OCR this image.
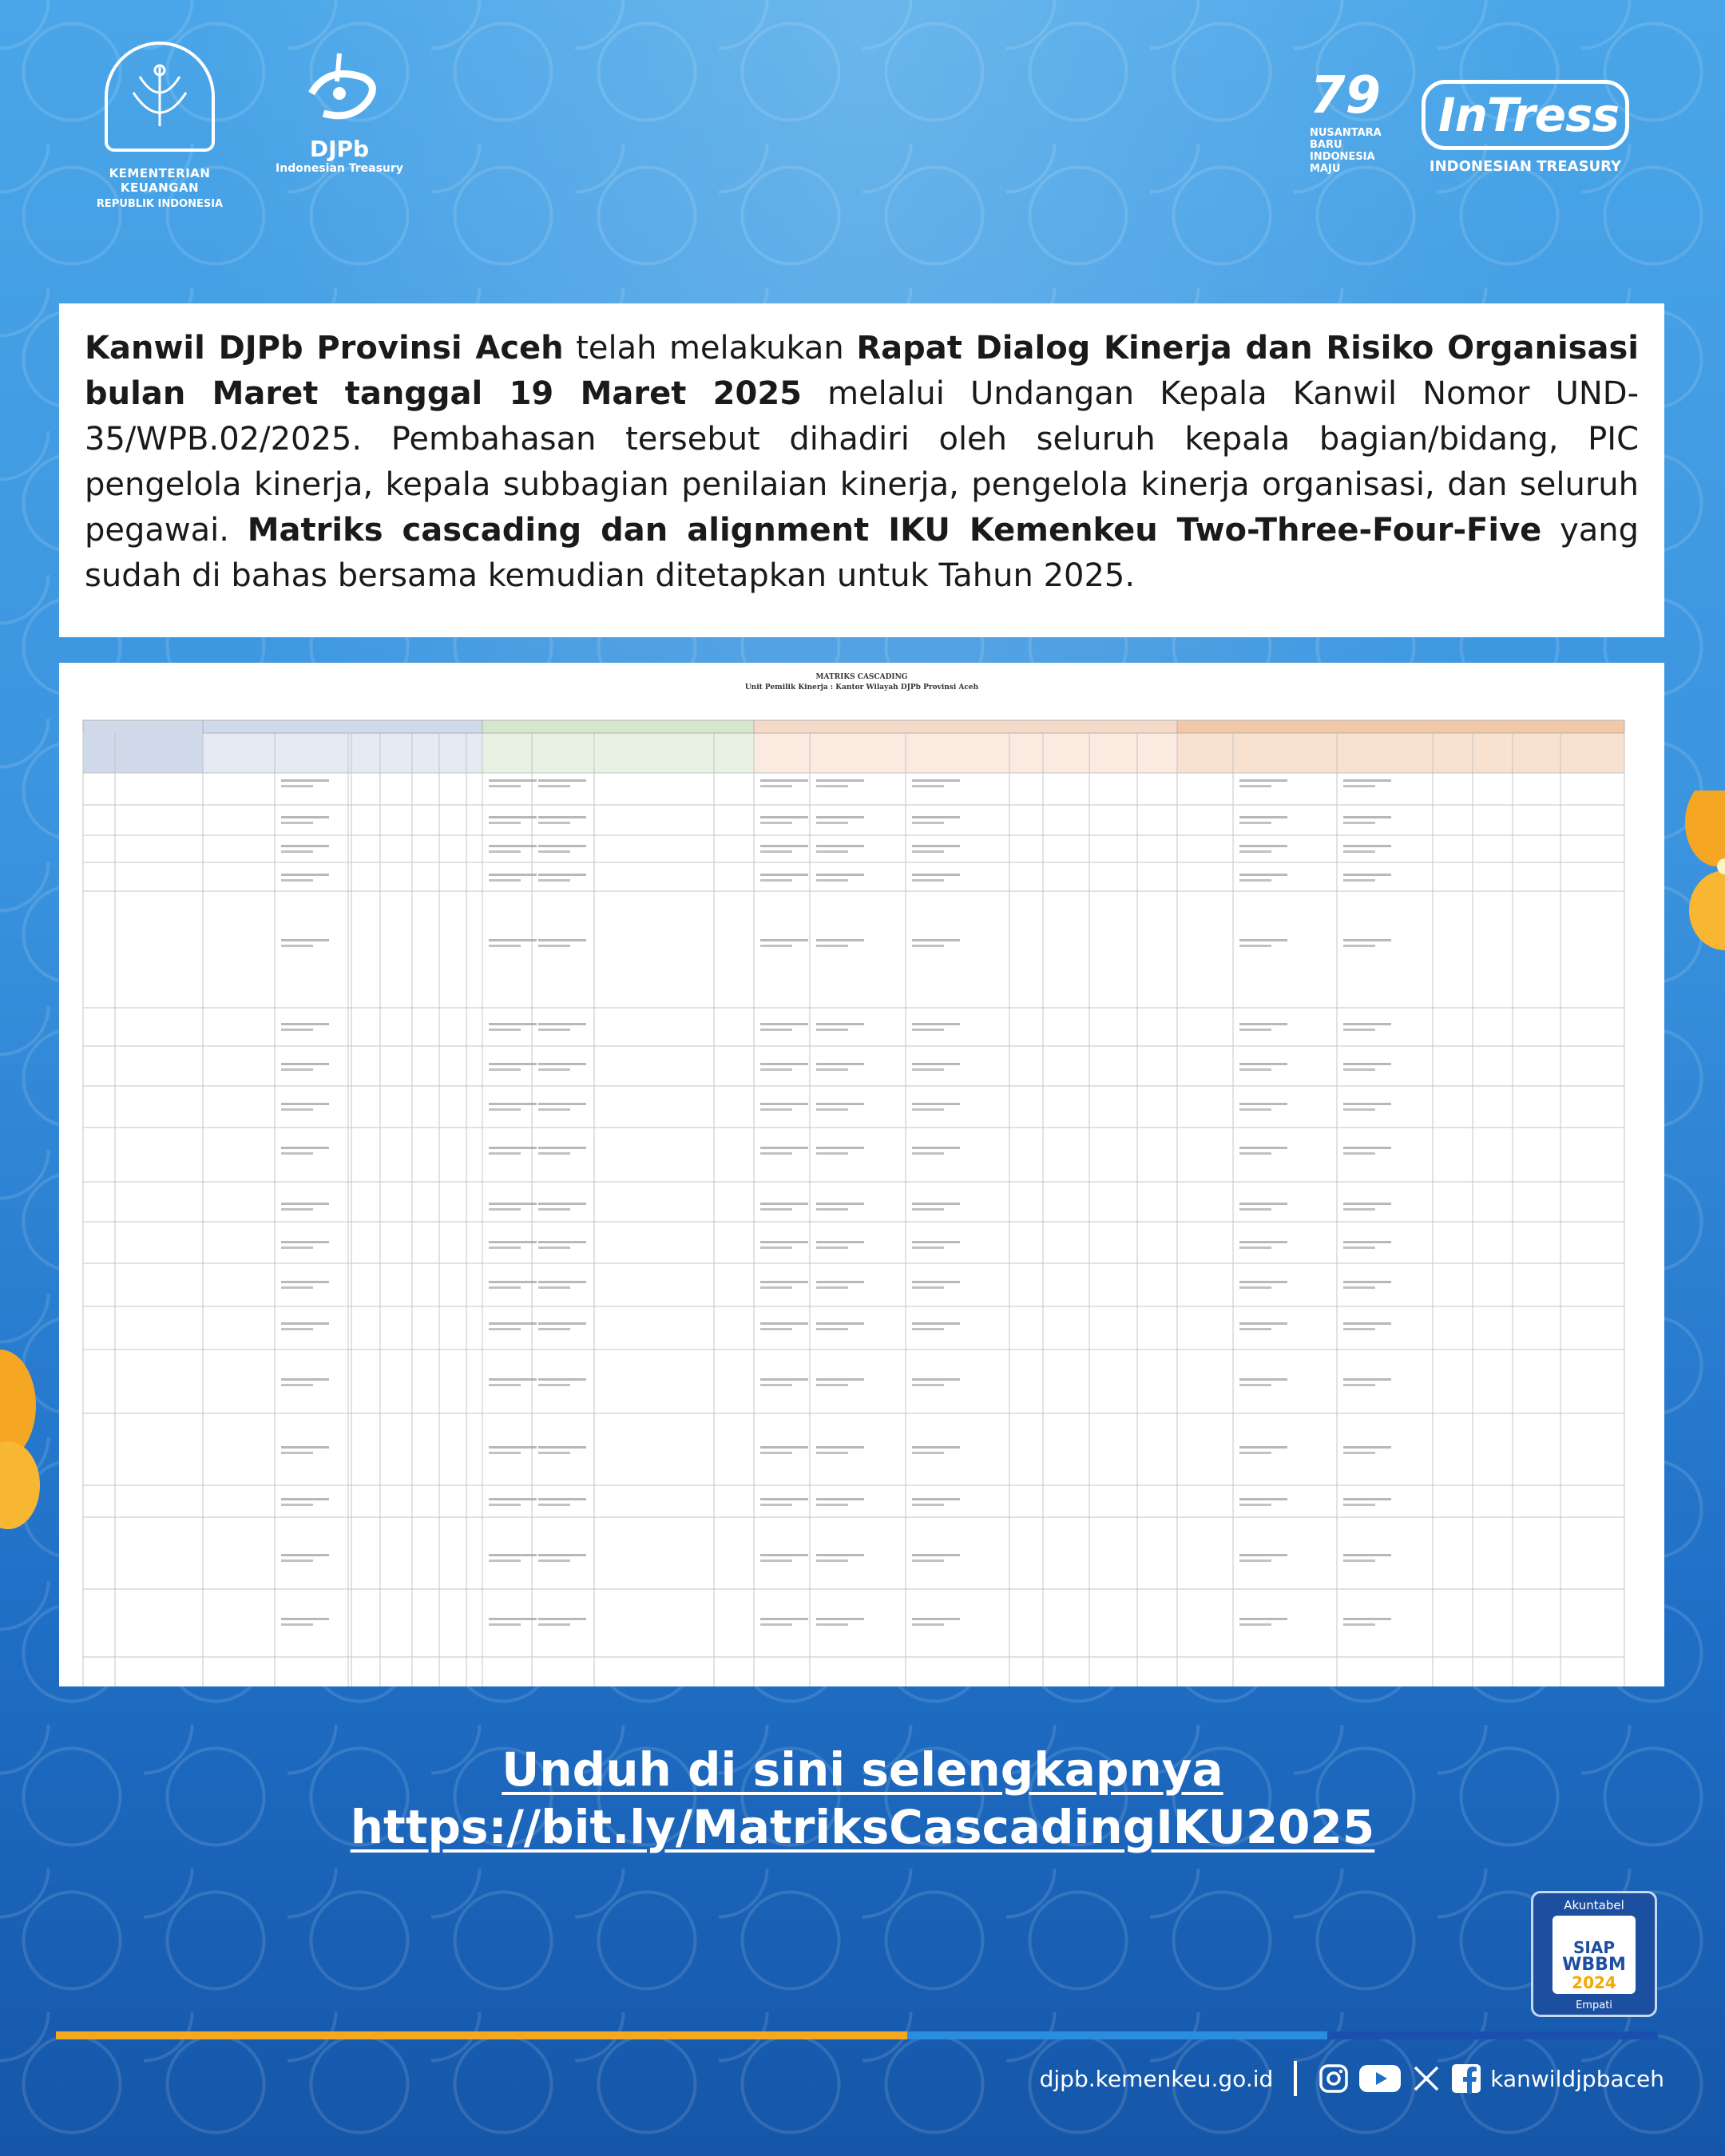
KEMENTERIAN KEUANGAN
REPUBLIK INDONESIA
DJPb
Indonesian Treasury
79
NUSANTARA
BARU
INDONESIA
MAJU
InTress
INDONESIAN TREASURY

Kanwil DJPb Provinsi Aceh telah melakukan Rapat Dialog Kinerja dan Risiko Organisasi bulan Maret tanggal 19 Maret 2025 melalui Undangan Kepala Kanwil Nomor UND-35/WPB.02/2025. Pembahasan tersebut dihadiri oleh seluruh kepala bagian/bidang, PIC pengelola kinerja, kepala subbagian penilaian kinerja, pengelola kinerja organisasi, dan seluruh pegawai. Matriks cascading dan alignment IKU Kemenkeu Two-Three-Four-Five yang sudah di bahas bersama kemudian ditetapkan untuk Tahun 2025.

MATRIKS CASCADING
Unit Pemilik Kinerja : Kantor Wilayah DJPb Provinsi Aceh
Unduh di sini selengkapnya
https://bit.ly/MatriksCascadingIKU2025
Akuntabel
SIAP
WBBM
2024
Empati
djpb.kemenkeu.go.id	kanwildjpbaceh
